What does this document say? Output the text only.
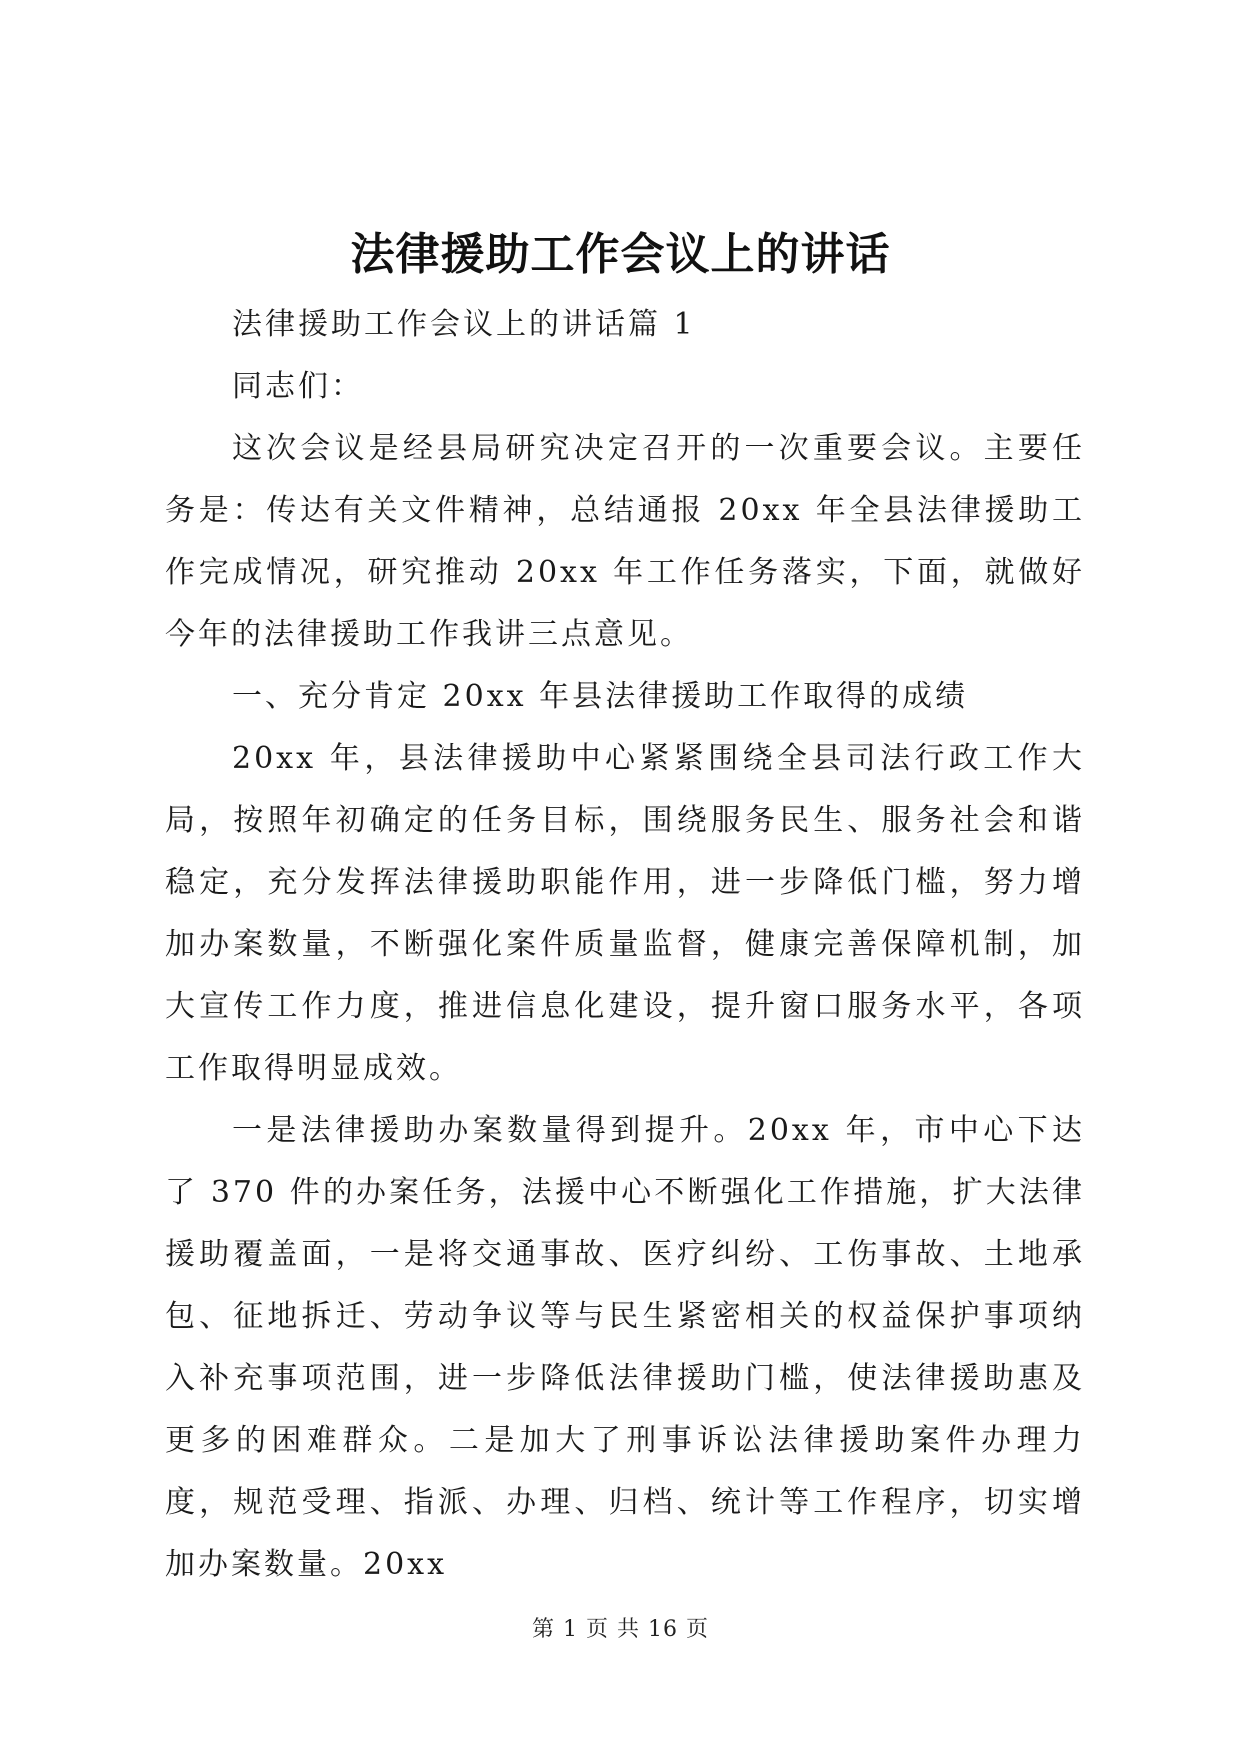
法律援助工作会议上的讲话

法律援助工作会议上的讲话篇 1

同志们：

这次会议是经县局研究决定召开的一次重要会议。主要任务是：传达有关文件精神，总结通报 20xx 年全县法律援助工作完成情况，研究推动 20xx 年工作任务落实，下面，就做好今年的法律援助工作我讲三点意见。

一、充分肯定 20xx 年县法律援助工作取得的成绩

20xx 年，县法律援助中心紧紧围绕全县司法行政工作大局，按照年初确定的任务目标，围绕服务民生、服务社会和谐稳定，充分发挥法律援助职能作用，进一步降低门槛，努力增加办案数量，不断强化案件质量监督，健康完善保障机制，加大宣传工作力度，推进信息化建设，提升窗口服务水平，各项工作取得明显成效。

一是法律援助办案数量得到提升。20xx 年，市中心下达了 370 件的办案任务，法援中心不断强化工作措施，扩大法律援助覆盖面，一是将交通事故、医疗纠纷、工伤事故、土地承包、征地拆迁、劳动争议等与民生紧密相关的权益保护事项纳入补充事项范围，进一步降低法律援助门槛，使法律援助惠及更多的困难群众。二是加大了刑事诉讼法律援助案件办理力度，规范受理、指派、办理、归档、统计等工作程序，切实增加办案数量。20xx

第 1 页 共 16 页
